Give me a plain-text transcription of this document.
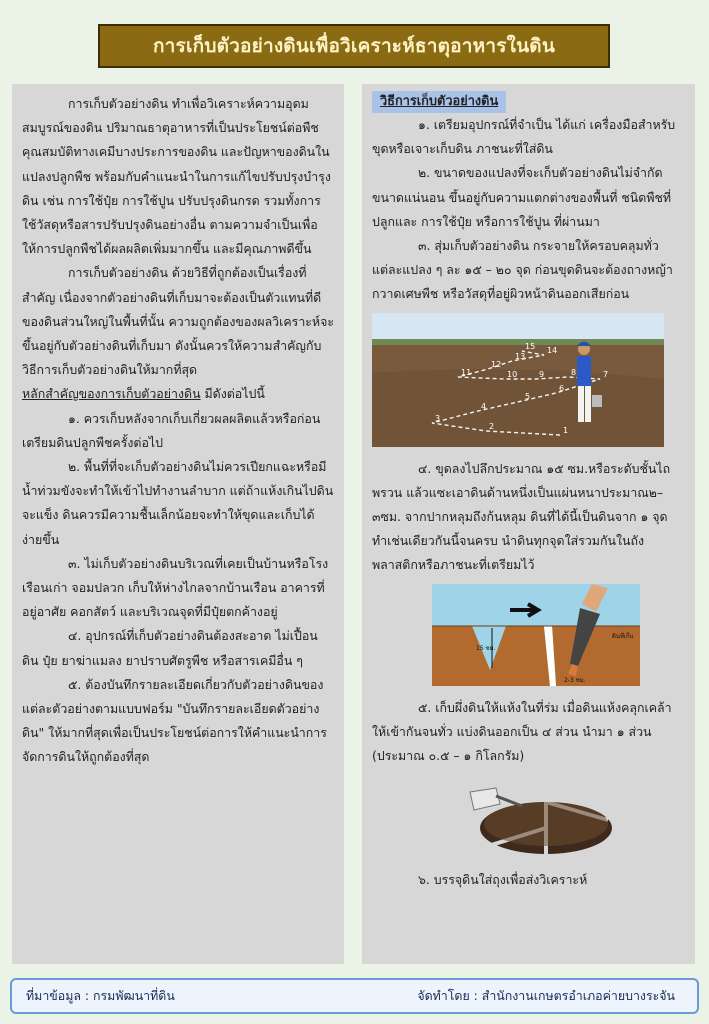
การเก็บตัวอย่างดินเพื่อวิเคราะห์ธาตุอาหารในดิน

การเก็บตัวอย่างดิน ทำเพื่อวิเคราะห์ความอุดมสมบูรณ์ของดิน ปริมาณธาตุอาหารที่เป็นประโยชน์ต่อพืช คุณสมบัติทางเคมีบางประการของดิน และปัญหาของดินในแปลงปลูกพืช พร้อมกับคำแนะนำในการแก้ไขปรับปรุงบำรุงดิน เช่น การใช้ปุ๋ย การใช้ปูน ปรับปรุงดินกรด รวมทั้งการใช้วัสดุหรือสารปรับปรุงดินอย่างอื่น ตามความจำเป็นเพื่อให้การปลูกพืชได้ผลผลิตเพิ่มมากขึ้น และมีคุณภาพดีขึ้น

การเก็บตัวอย่างดิน ด้วยวิธีที่ถูกต้องเป็นเรื่องที่สำคัญ เนื่องจากตัวอย่างดินที่เก็บมาจะต้องเป็นตัวแทนที่ดีของดินส่วนใหญ่ในพื้นที่นั้น ความถูกต้องของผลวิเคราะห์จะขึ้นอยู่กับตัวอย่างดินที่เก็บมา ดังนั้นควรให้ความสำคัญกับวิธีการเก็บตัวอย่างดินให้มากที่สุด

หลักสำคัญของการเก็บตัวอย่างดิน มีดังต่อไปนี้

๑. ควรเก็บหลังจากเก็บเกี่ยวผลผลิตแล้วหรือก่อนเตรียมดินปลูกพืชครั้งต่อไป

๒. พื้นที่ที่จะเก็บตัวอย่างดินไม่ควรเปียกแฉะหรือมีน้ำท่วมขังจะทำให้เข้าไปทำงานลำบาก แต่ถ้าแห้งเกินไปดินจะแข็ง ดินควรมีความชื้นเล็กน้อยจะทำให้ขุดและเก็บได้ง่ายขึ้น

๓. ไม่เก็บตัวอย่างดินบริเวณที่เคยเป็นบ้านหรือโรงเรือนเก่า จอมปลวก เก็บให้ห่างไกลจากบ้านเรือน อาคารที่อยู่อาศัย คอกสัตว์ และบริเวณจุดที่มีปุ๋ยตกค้างอยู่

๔. อุปกรณ์ที่เก็บตัวอย่างดินต้องสะอาด ไม่เปื้อนดิน ปุ๋ย ยาฆ่าแมลง ยาปราบศัตรูพืช หรือสารเคมีอื่น ๆ

๕. ต้องบันทึกรายละเอียดเกี่ยวกับตัวอย่างดินของแต่ละตัวอย่างตามแบบฟอร์ม "บันทึกรายละเอียดตัวอย่างดิน" ให้มากที่สุดเพื่อเป็นประโยชน์ต่อการให้คำแนะนำการจัดการดินให้ถูกต้องที่สุด

วิธีการเก็บตัวอย่างดิน

๑. เตรียมอุปกรณ์ที่จำเป็น ได้แก่ เครื่องมือสำหรับขุดหรือเจาะเก็บดิน ภาชนะที่ใส่ดิน

๒. ขนาดของแปลงที่จะเก็บตัวอย่างดินไม่จำกัดขนาดแน่นอน ขึ้นอยู่กับความแตกต่างของพื้นที่ ชนิดพืชที่ปลูกและ การใช้ปุ๋ย หรือการใช้ปูน ที่ผ่านมา

๓. สุ่มเก็บตัวอย่างดิน กระจายให้ครอบคลุมทั่วแต่ละแปลง ๆ ละ ๑๕ – ๒๐ จุด ก่อนขุดดินจะต้องถางหญ้า กวาดเศษพืช หรือวัสดุที่อยู่ผิวหน้าดินออกเสียก่อน

1
2
3
4
5
6
7
8
9
10
11
12
13
14
15

๔. ขุดลงไปลึกประมาณ ๑๕ ซม.หรือระดับชั้นไถพรวน แล้วแซะเอาดินด้านหนึ่งเป็นแผ่นหนาประมาณ๒–๓ซม. จากปากหลุมถึงก้นหลุม ดินที่ได้นี้เป็นดินจาก ๑ จุด ทำเช่นเดียวกันนี้จนครบ นำดินทุกจุดใส่รวมกันในถังพลาสติกหรือภาชนะที่เตรียมไว้

15 ซม.
ดินที่เก็บ
2-3 ซม.

๕. เก็บผึ่งดินให้แห้งในที่ร่ม เมื่อดินแห้งคลุกเคล้าให้เข้ากันจนทั่ว แบ่งดินออกเป็น ๔ ส่วน นำมา ๑ ส่วน (ประมาณ ๐.๕ – ๑ กิโลกรัม)

๖. บรรจุดินใส่ถุงเพื่อส่งวิเคราะห์

ที่มาข้อมูล : กรมพัฒนาที่ดิน	จัดทำโดย : สำนักงานเกษตรอำเภอค่ายบางระจัน
